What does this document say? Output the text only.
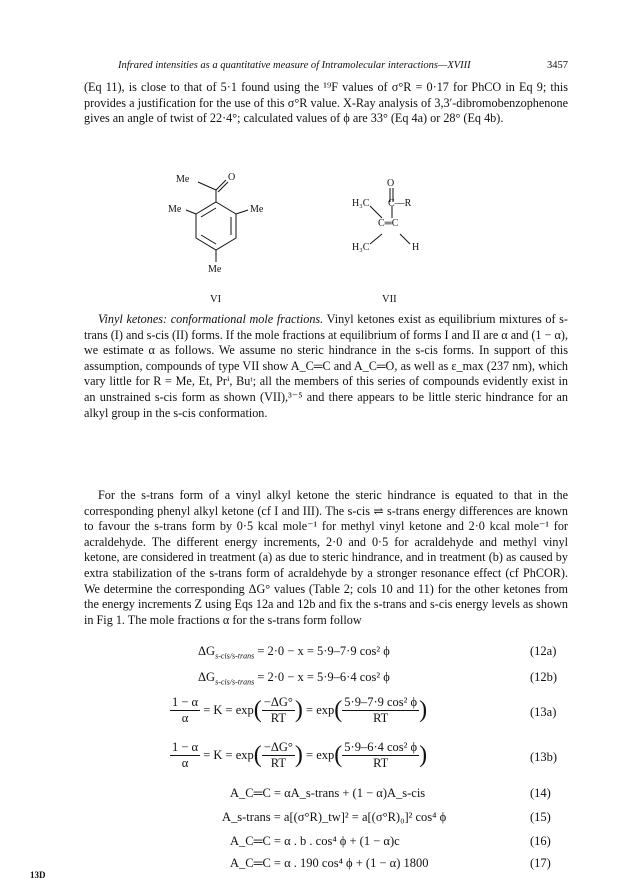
Infrared intensities as a quantitative measure of Intramolecular interactions—XVIII	3457
(Eq 11), is close to that of 5·1 found using the ¹⁹F values of σ°R = 0·17 for PhCO in Eq 9; this provides a justification for the use of this σ°R value. X-Ray analysis of 3,3′-dibromobenzophenone gives an angle of twist of 22·4°; calculated values of ϕ are 33° (Eq 4a) or 28° (Eq 4b).
Me	O
Me	Me
Me
VI
O
H₃C C—R
C═C
H₃C	H
VII
Vinyl ketones: conformational mole fractions. Vinyl ketones exist as equilibrium mixtures of s-trans (I) and s-cis (II) forms. If the mole fractions at equilibrium of forms I and II are α and (1 − α), we estimate α as follows. We assume no steric hindrance in the s-cis forms. In support of this assumption, compounds of type VII show A_C═C and A_C═O, as well as ε_max (237 nm), which vary little for R = Me, Et, Prⁱ, Buᵗ; all the members of this series of compounds evidently exist in an unstrained s-cis form as shown (VII),³⁻⁵ and there appears to be little steric hindrance for an alkyl group in the s-cis conformation.
For the s-trans form of a vinyl alkyl ketone the steric hindrance is equated to that in the corresponding phenyl alkyl ketone (cf I and III). The s-cis ⇌ s-trans energy differences are known to favour the s-trans form by 0·5 kcal mole⁻¹ for methyl vinyl ketone and 2·0 kcal mole⁻¹ for acraldehyde. The different energy increments, 2·0 and 0·5 for acraldehyde and methyl vinyl ketone, are considered in treatment (a) as due to steric hindrance, and in treatment (b) as caused by extra stabilization of the s-trans form of acraldehyde by a stronger resonance effect (cf PhCOR). We determine the corresponding ΔG° values (Table 2; cols 10 and 11) for the other ketones from the energy increments Z using Eqs 12a and 12b and fix the s-trans and s-cis energy levels as shown in Fig 1. The mole fractions α for the s-trans form follow
$\Delta G_{s-cis/s-trans} = 2\cdot 0 - x = 5\cdot 9-7\cdot 9$ cos² ϕ	(12a)
$\Delta G_{s-cis/s-trans} = 2\cdot 0 - x = 5\cdot 9-6\cdot 4$ cos² ϕ	(12b)
$\frac{1 - \alpha}{\alpha} = K = \exp( \frac{-\Delta G^\circ}{RT}$ ) = $\exp( \frac{\text{5·9–7·9 cos² ϕ}}{RT}$ )	(13a)
$\frac{1 - \alpha}{\alpha} = K = \exp( \frac{-\Delta G^\circ}{RT}$ ) = $\exp( \frac{\text{5·9–6·4 cos² ϕ}}{RT}$ )	(13b)
A_C═C = αA_s-trans + (1 − α)A_s-cis	(14)
A_s-trans = a[(σ°R)_tw]² = a[(σ°R)₀]² cos⁴ ϕ	(15)
A_C═C = α . b . cos⁴ ϕ + (1 − α)c	(16)
A_C═C = α . 190 cos⁴ ϕ + (1 − α) 1800	(17)
13D
